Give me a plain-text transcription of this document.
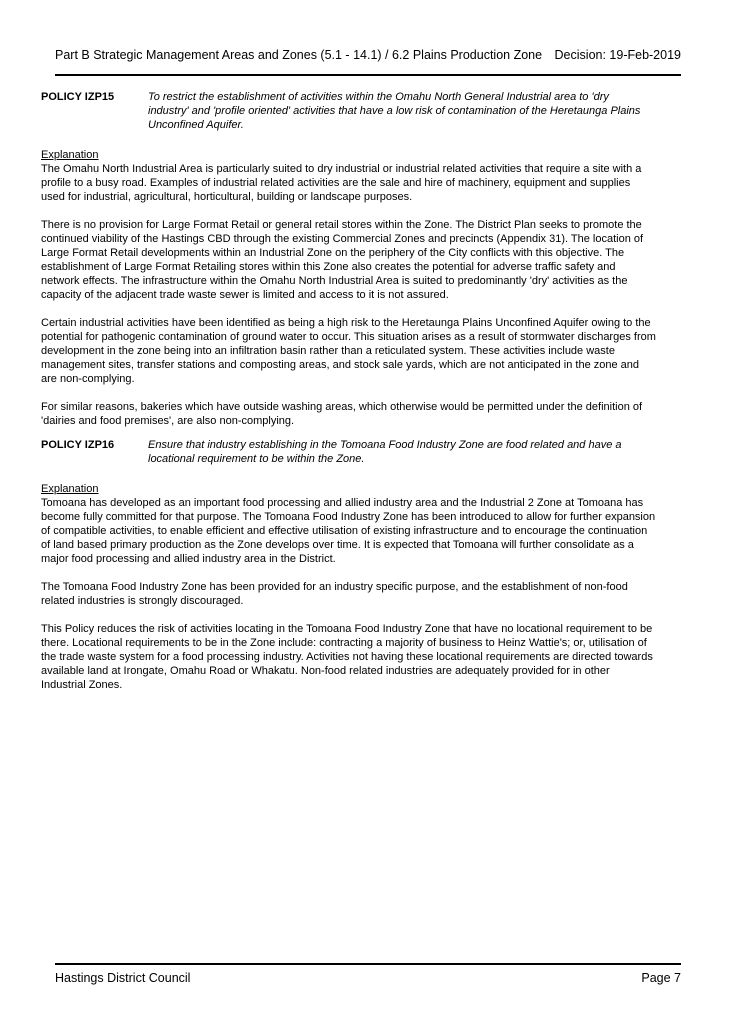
Part B Strategic Management Areas and Zones (5.1 - 14.1) / 6.2 Plains Production Zone Decision: 19-Feb-2019
POLICY IZP15	To restrict the establishment of activities within the Omahu North General Industrial area to 'dry industry' and 'profile oriented' activities that have a low risk of contamination of the Heretaunga Plains Unconfined Aquifer.
Explanation

The Omahu North Industrial Area is particularly suited to dry industrial or industrial related activities that require a site with a profile to a busy road. Examples of industrial related activities are the sale and hire of machinery, equipment and supplies used for industrial, agricultural, horticultural, building or landscape purposes.

There is no provision for Large Format Retail or general retail stores within the Zone. The District Plan seeks to promote the continued viability of the Hastings CBD through the existing Commercial Zones and precincts (Appendix 31). The location of Large Format Retail developments within an Industrial Zone on the periphery of the City conflicts with this objective. The establishment of Large Format Retailing stores within this Zone also creates the potential for adverse traffic safety and network effects. The infrastructure within the Omahu North Industrial Area is suited to predominantly 'dry' activities as the capacity of the adjacent trade waste sewer is limited and access to it is not assured.

Certain industrial activities have been identified as being a high risk to the Heretaunga Plains Unconfined Aquifer owing to the potential for pathogenic contamination of ground water to occur. This situation arises as a result of stormwater discharges from development in the zone being into an infiltration basin rather than a reticulated system. These activities include waste management sites, transfer stations and composting areas, and stock sale yards, which are not anticipated in the zone and are non-complying.

For similar reasons, bakeries which have outside washing areas, which otherwise would be permitted under the definition of 'dairies and food premises', are also non-complying.

POLICY IZP16	Ensure that industry establishing in the Tomoana Food Industry Zone are food related and have a locational requirement to be within the Zone.
Explanation

Tomoana has developed as an important food processing and allied industry area and the Industrial 2 Zone at Tomoana has become fully committed for that purpose. The Tomoana Food Industry Zone has been introduced to allow for further expansion of compatible activities, to enable efficient and effective utilisation of existing infrastructure and to encourage the continuation of land based primary production as the Zone develops over time. It is expected that Tomoana will further consolidate as a major food processing and allied industry area in the District.

The Tomoana Food Industry Zone has been provided for an industry specific purpose, and the establishment of non-food related industries is strongly discouraged.

This Policy reduces the risk of activities locating in the Tomoana Food Industry Zone that have no locational requirement to be there. Locational requirements to be in the Zone include: contracting a majority of business to Heinz Wattie's; or, utilisation of the trade waste system for a food processing industry. Activities not having these locational requirements are directed towards available land at Irongate, Omahu Road or Whakatu. Non-food related industries are adequately provided for in other Industrial Zones.

Hastings District Council	Page 7
